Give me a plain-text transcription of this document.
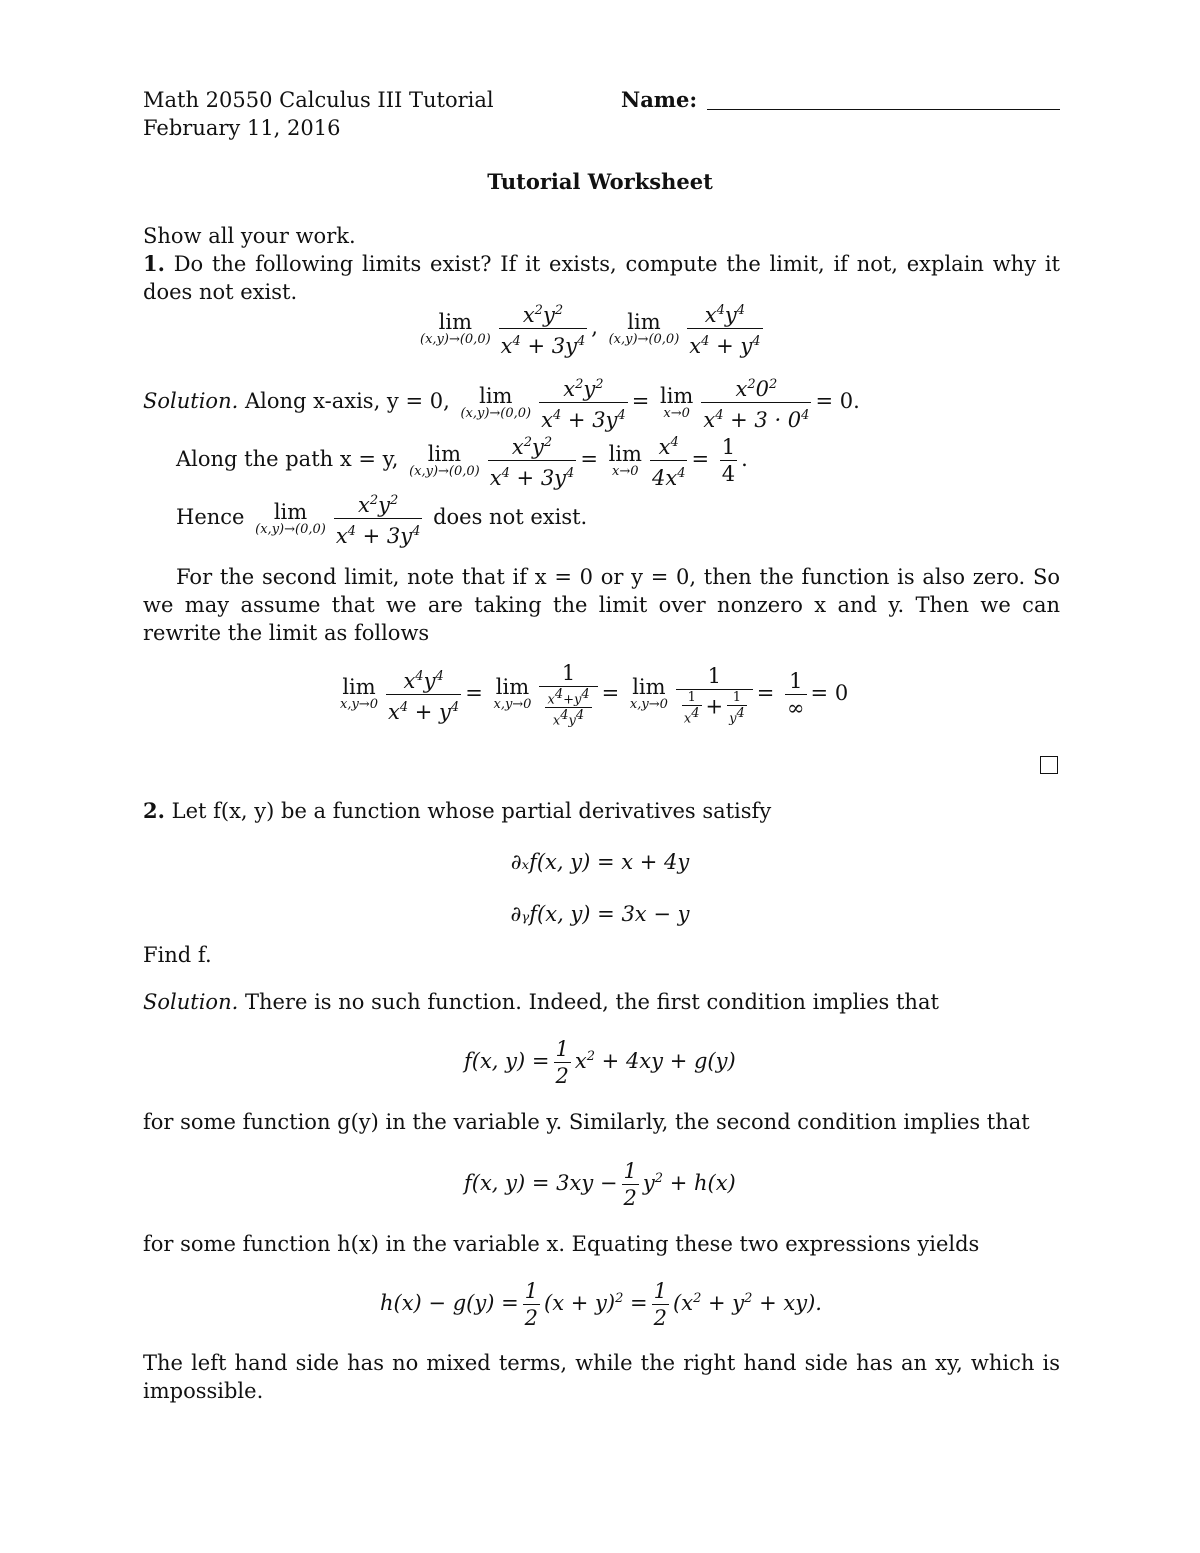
Math 20550 Calculus III Tutorial
February 11, 2016
Name:
Tutorial Worksheet
Show all your work.
1. Do the following limits exist? If it exists, compute the limit, if not, explain why it does not exist.
lim
$(x,y)\to(0,0) \frac{x^2y^2}{x^4 + 3y^4}$ ,	lim
$(x,y)\to(0,0) \frac{x^4y^4}{x^4 + y^4}$
Solution. Along x-axis, y = 0,	lim
$(x,y)\to(0,0) \frac{x^2y^2}{x^4 + 3y^4} = \lim$
$x\to 0 \frac{x^20^2}{x^4 + 3 \cdot 0^4} = 0$.
Along the path x = y,	lim
$(x,y)\to(0,0) \frac{x^2y^2}{x^4 + 3y^4} = \lim$
$x\to 0 \frac{x^4}{4x^4} = \frac{1}{4}$ .
Hence	lim
$(x,y)\to(0,0) \frac{x^2y^2}{x^4 + 3y^4}$ does not exist.
For the second limit, note that if x = 0 or y = 0, then the function is also zero. So we may assume that we are taking the limit over nonzero x and y. Then we can rewrite the limit as follows
lim
$x,y\to 0 \frac{x^4y^4}{x^4 + y^4} = \lim$
$x,y\to 0 \frac{1}{\frac{x^4+y^4}{x^4y^4}} = \lim$
$x,y\to 0 \frac{1}{\frac{1}{x^4} + \frac{1}{y^4}} = \frac{1}{\infty} = 0$
2. Let f(x, y) be a function whose partial derivatives satisfy
∂ₓf(x, y) = x + 4y
∂ᵧf(x, y) = 3x − y
Find f.
Solution. There is no such function. Indeed, the first condition implies that
f(x, $y) = \frac{1}{2} x^2 + 4xy + g(y)$
for some function g(y) in the variable y. Similarly, the second condition implies that
f(x, $y) = 3xy - \frac{1}{2} y^2 + h(x)$
for some function h(x) in the variable x. Equating these two expressions yields
$h(x) - g(y) = \frac{1}{2} (x + y)^2 = \frac{1}{2} (x^2 + y^2 + xy)$.
The left hand side has no mixed terms, while the right hand side has an xy, which is impossible.
